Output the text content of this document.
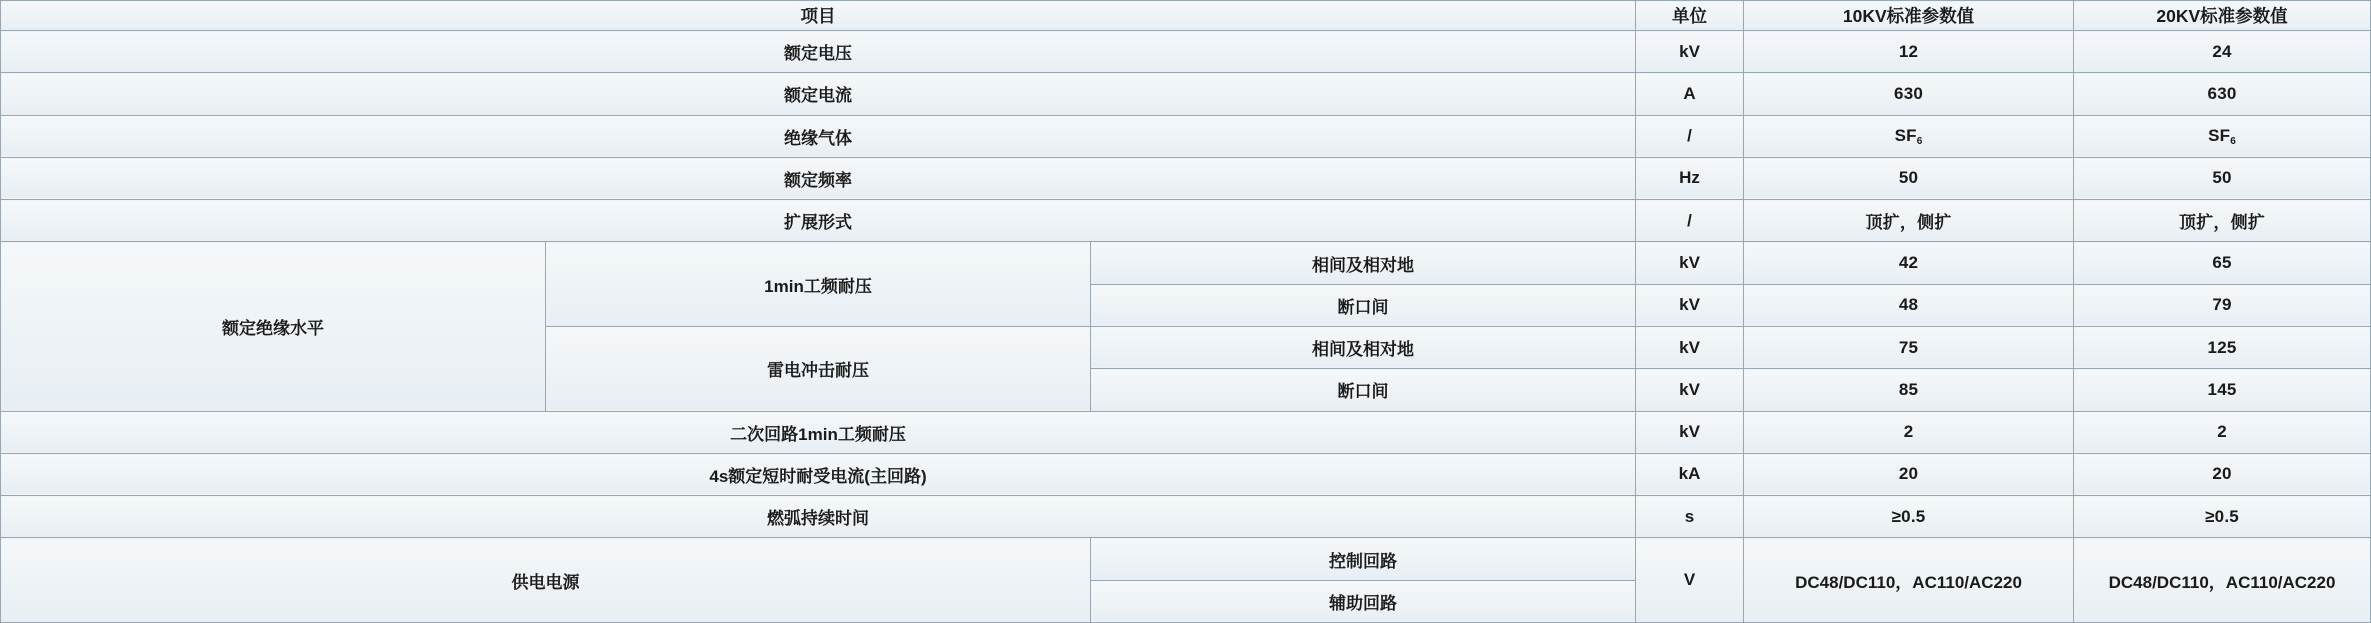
项目			单位	10KV标准参数值	20KV标准参数值
额定电压			kV	12	24
额定电流			A	630	630
绝缘气体			/	$SF_6$	$SF_6$
额定频率			Hz	50	50
扩展形式			/	顶扩，侧扩	顶扩，侧扩
额定绝缘水平	1min工频耐压	相间及相对地	kV	42	65
		断口间	kV	48	79
	雷电冲击耐压	相间及相对地	kV	75	125
		断口间	kV	85	145
二次回路1min工频耐压			kV	2	2
4s额定短时耐受电流(主回路)			kA	20	20
燃弧持续时间			s	≥0.5	≥0.5
供电电源		控制回路	V	DC48/DC110，AC110/AC220	DC48/DC110，AC110/AC220
		辅助回路			
